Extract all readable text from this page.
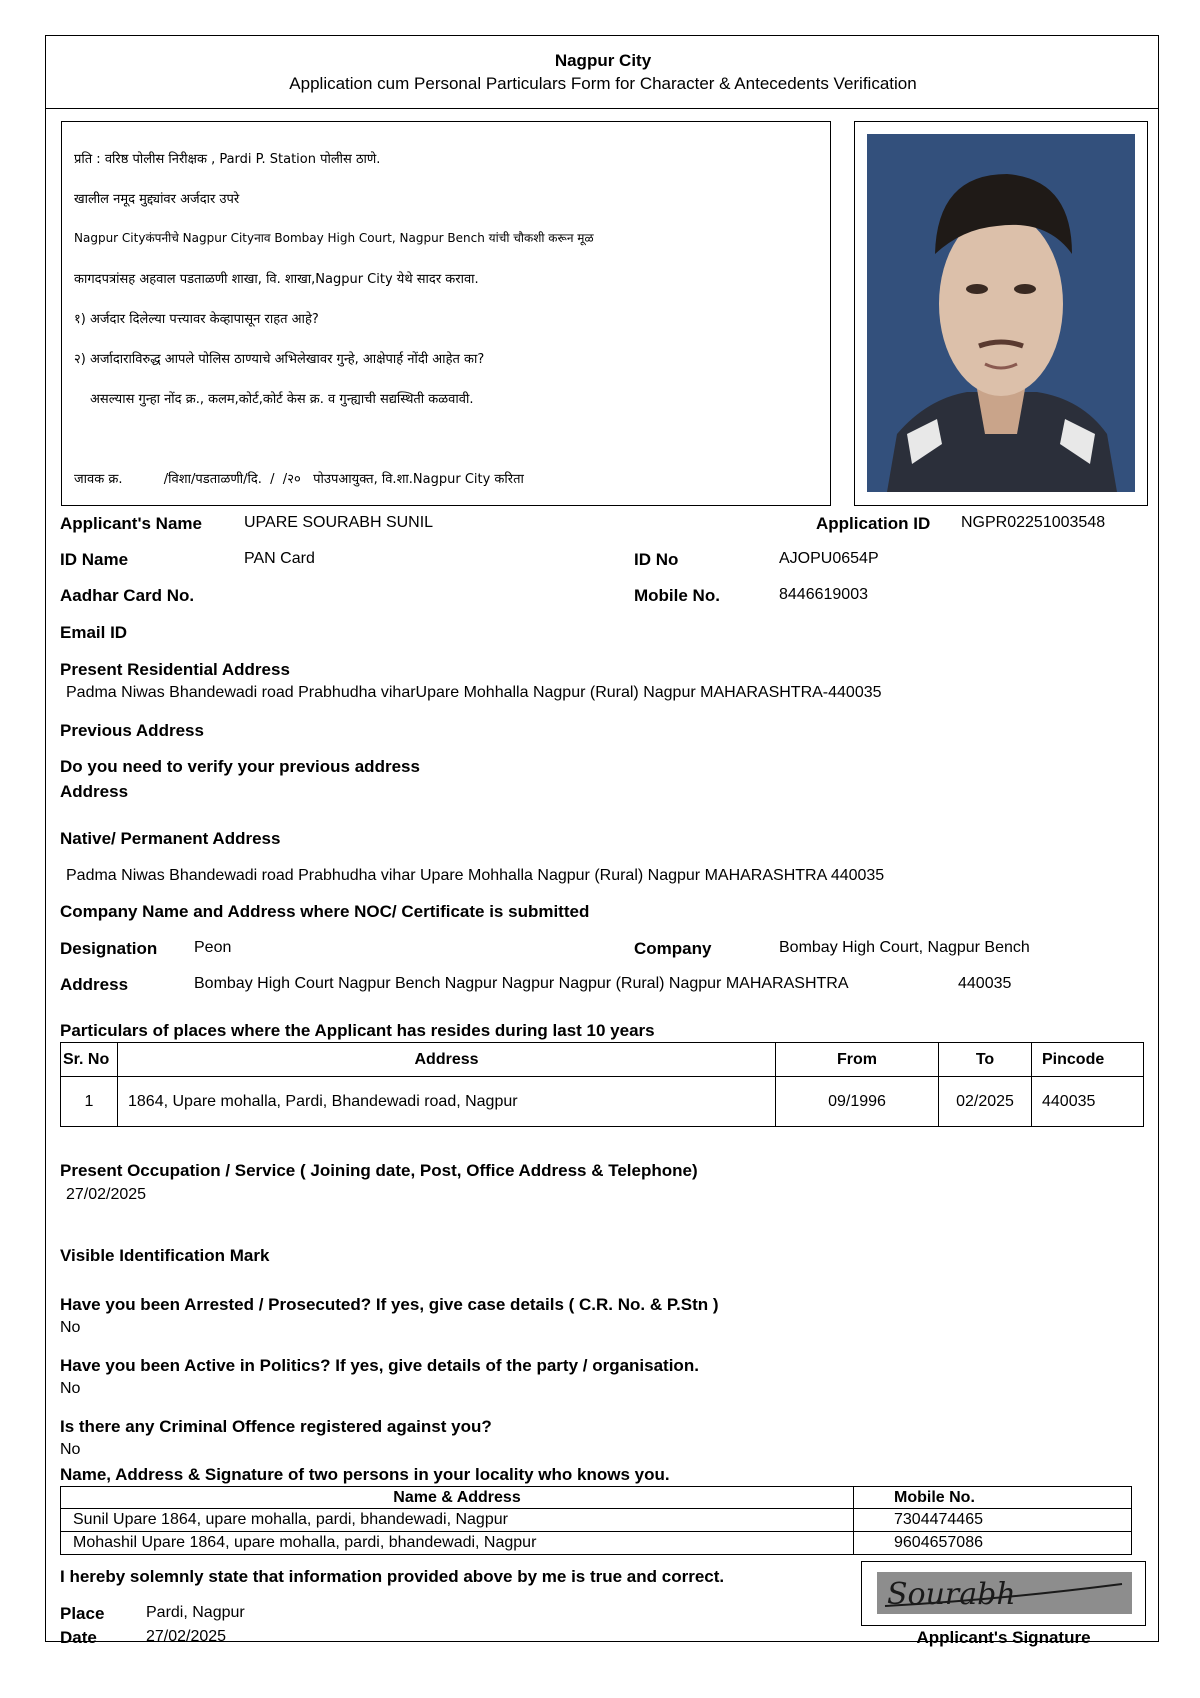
Nagpur City
Application cum Personal Particulars Form for Character & Antecedents Verification
प्रति : वरिष्ठ पोलीस निरीक्षक , Pardi P. Station पोलीस ठाणे.
खालील नमूद मुद्द्यांवर अर्जदार उपरे
Nagpur Cityकंपनीचे Nagpur Cityनाव Bombay High Court, Nagpur Bench यांची चौकशी करून मूळ
कागदपत्रांसह अहवाल पडताळणी शाखा, वि. शाखा,Nagpur City येथे सादर करावा.
१) अर्जदार दिलेल्या पत्त्यावर केव्हापासून राहत आहे?
२) अर्जादाराविरुद्ध आपले पोलिस ठाण्याचे अभिलेखावर गुन्हे, आक्षेपार्ह नोंदी आहेत का?
असल्यास गुन्हा नोंद क्र., कलम,कोर्ट,कोर्ट केस क्र. व गुन्ह्याची सद्यस्थिती कळवावी.
जावक क्र.          /विशा/पडताळणी/दि.  /  /२०   पोउपआयुक्त, वि.शा.Nagpur City करिता
Applicant's Name	UPARE SOURABH SUNIL	Application ID NGPR02251003548
ID Name	PAN Card	ID No	AJOPU0654P
Aadhar Card No.	Mobile No.	8446619003
Email ID
Present Residential Address
Padma Niwas Bhandewadi road Prabhudha viharUpare Mohhalla Nagpur (Rural) Nagpur MAHARASHTRA-440035
Previous Address
Do you need to verify your previous address
Address
Native/ Permanent Address
Padma Niwas Bhandewadi road Prabhudha vihar Upare Mohhalla Nagpur (Rural) Nagpur MAHARASHTRA 440035
Company Name and Address where NOC/ Certificate is submitted
Designation Peon	Company	Bombay High Court, Nagpur Bench
Address	Bombay High Court Nagpur Bench Nagpur Nagpur Nagpur (Rural) Nagpur MAHARASHTRA	440035
Particulars of places where the Applicant has resides during last 10 years
Sr. No	Address	From	To	Pincode
1	1864, Upare mohalla, Pardi, Bhandewadi road, Nagpur	09/1996	02/2025	440035
Present Occupation / Service ( Joining date, Post, Office Address & Telephone)
27/02/2025
Visible Identification Mark
Have you been Arrested / Prosecuted? If yes, give case details ( C.R. No. & P.Stn )
No
Have you been Active in Politics? If yes, give details of the party / organisation.
No
Is there any Criminal Offence registered against you?
No
Name, Address & Signature of two persons in your locality who knows you.
Name & Address	Mobile No.
Sunil Upare 1864, upare mohalla, pardi, bhandewadi, Nagpur	7304474465
Mohashil Upare 1864, upare mohalla, pardi, bhandewadi, Nagpur	9604657086
I hereby solemnly state that information provided above by me is true and correct.
Place	Pardi, Nagpur
Date	27/02/2025
Sourabh
Applicant's Signature
